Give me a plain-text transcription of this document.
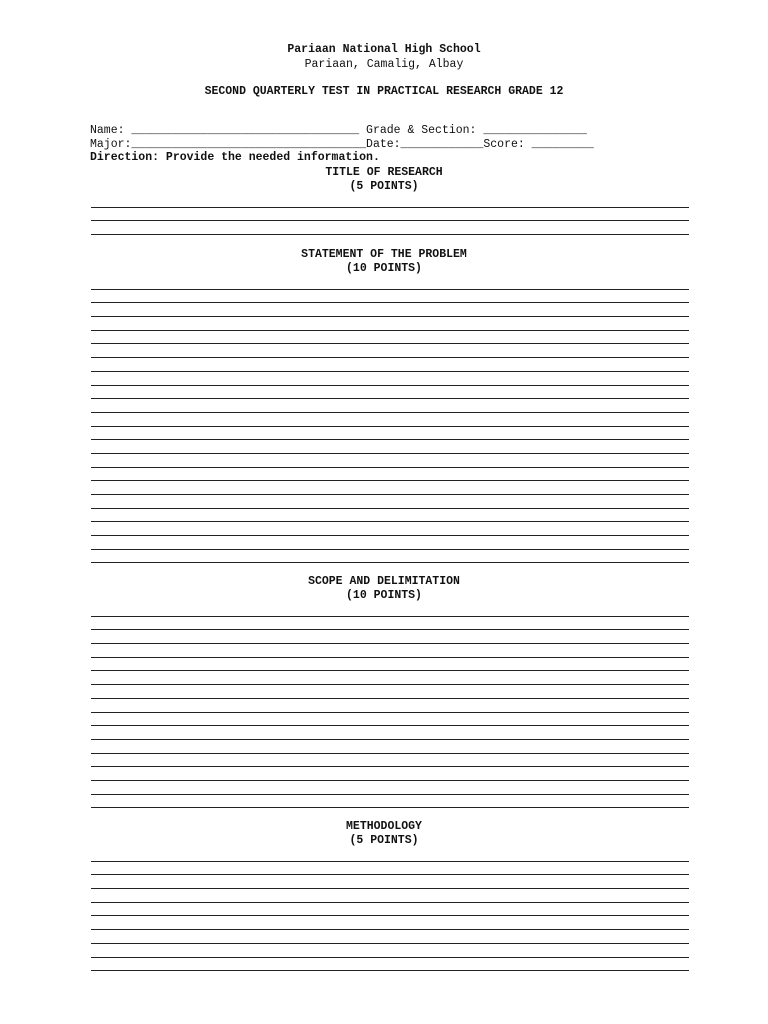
Pariaan National High School
Pariaan, Camalig, Albay
SECOND QUARTERLY TEST IN PRACTICAL RESEARCH GRADE 12
Name: _________________________________ Grade & Section: _______________
Major:__________________________________Date:____________Score: _________
Direction: Provide the needed information.
TITLE OF RESEARCH
(5 POINTS)
STATEMENT OF THE PROBLEM
(10 POINTS)
SCOPE AND DELIMITATION
(10 POINTS)
METHODOLOGY
(5 POINTS)
